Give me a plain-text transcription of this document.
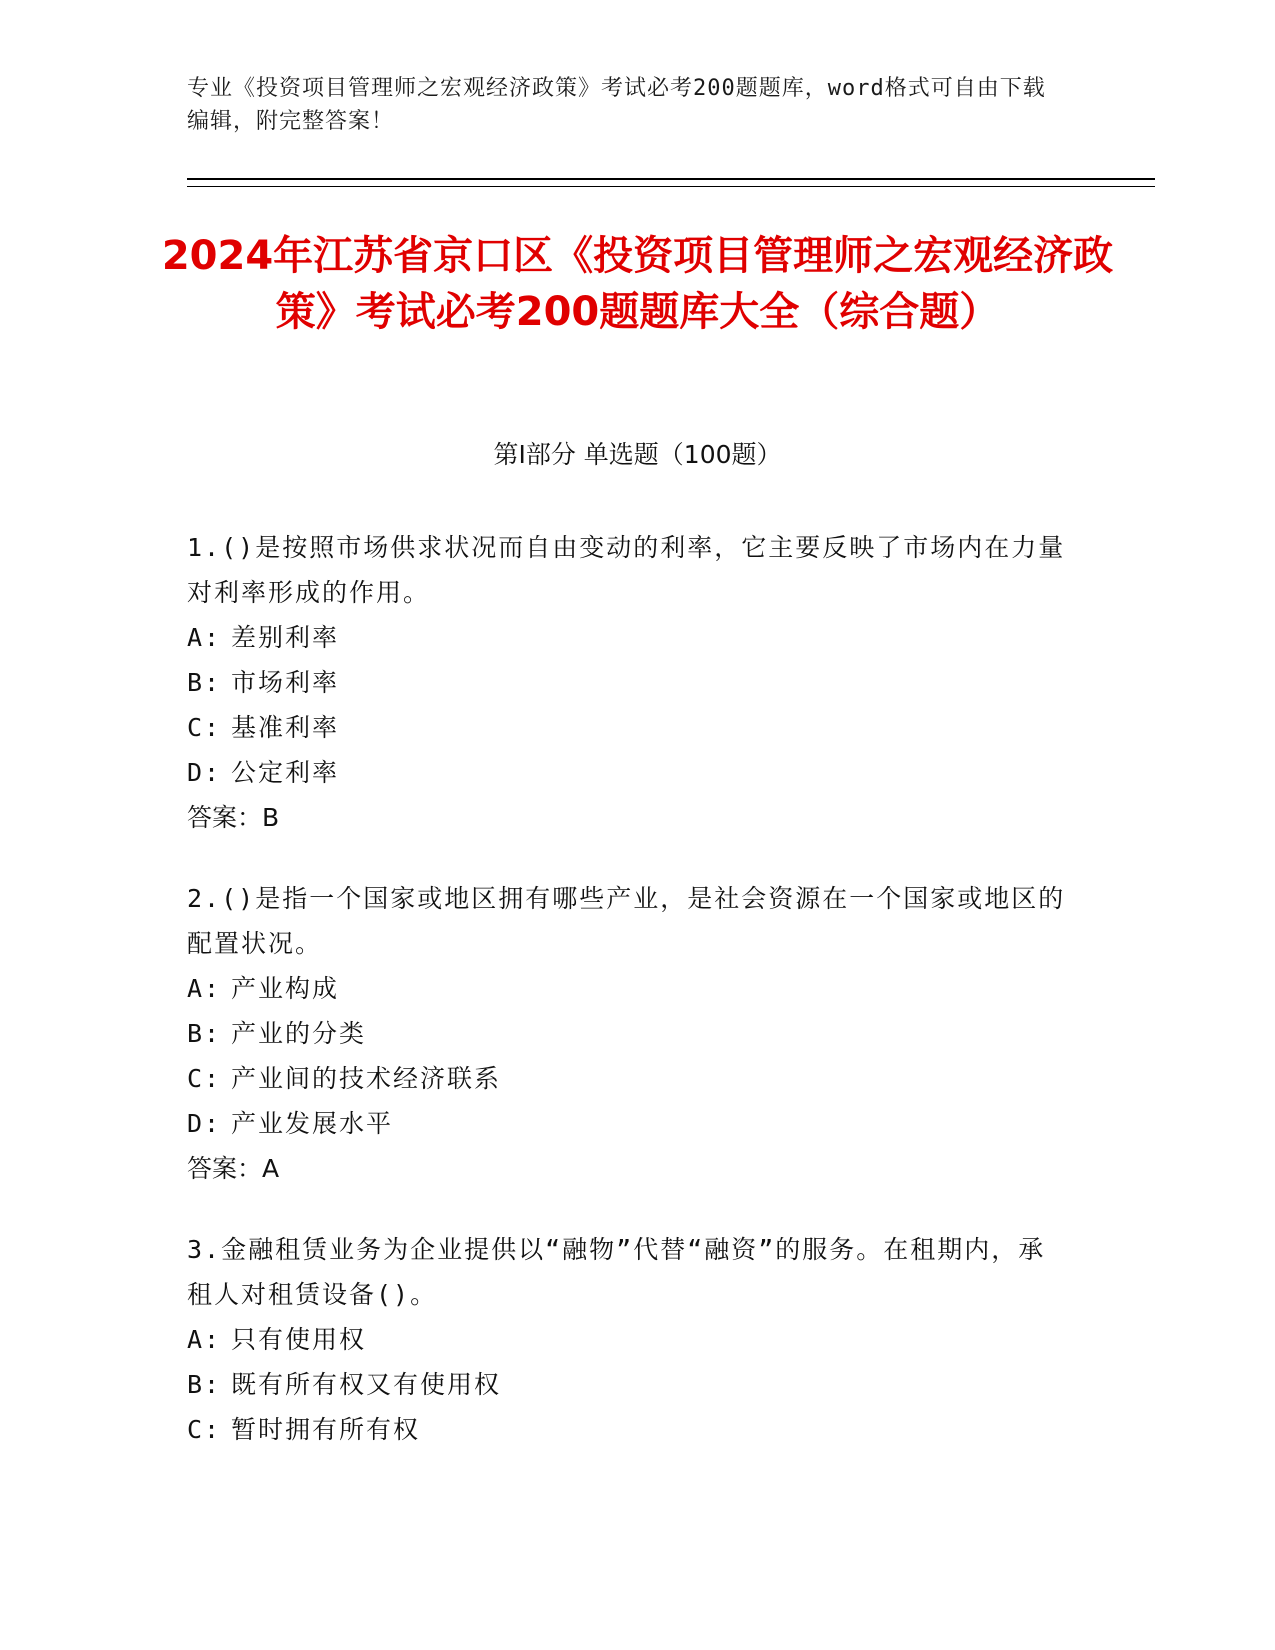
专业《投资项目管理师之宏观经济政策》考试必考200题题库，word格式可自由下载编辑，附完整答案！
2024年江苏省京口区《投资项目管理师之宏观经济政策》考试必考200题题库大全（综合题）
第I部分 单选题（100题）

1.()是按照市场供求状况而自由变动的利率，它主要反映了市场内在力量对利率形成的作用。

A: 差别利率

B: 市场利率

C: 基准利率

D: 公定利率

答案：B

2.()是指一个国家或地区拥有哪些产业，是社会资源在一个国家或地区的配置状况。

A: 产业构成

B: 产业的分类

C: 产业间的技术经济联系

D: 产业发展水平

答案：A

3.金融租赁业务为企业提供以“融物”代替“融资”的服务。在租期内，承租人对租赁设备()。

A: 只有使用权

B: 既有所有权又有使用权

C: 暂时拥有所有权
